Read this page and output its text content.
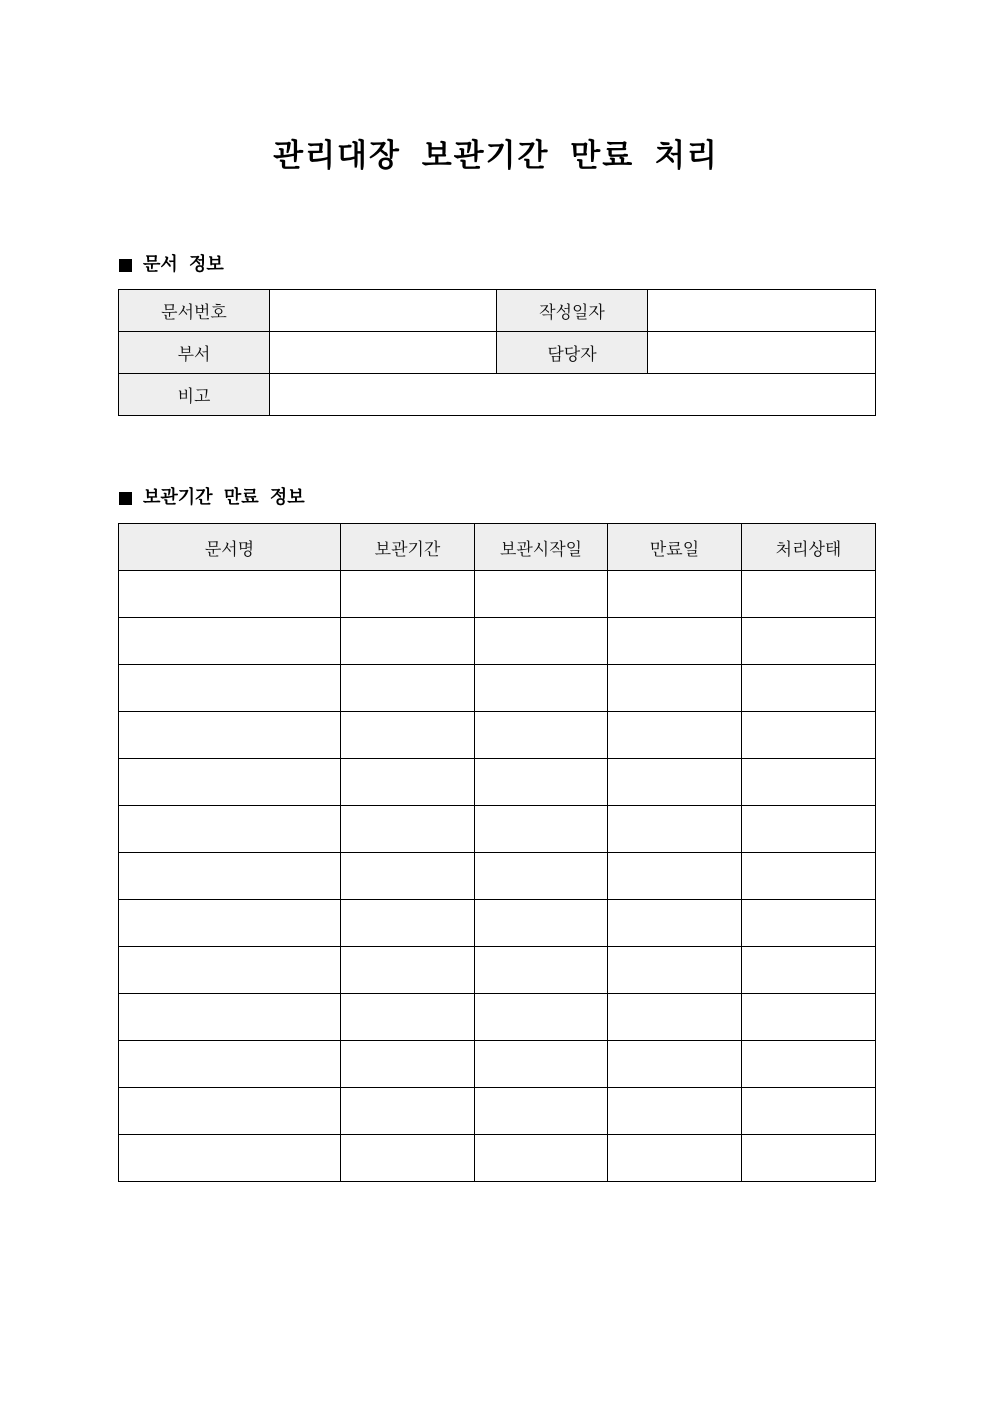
관리대장 보관기간 만료 처리
문서 정보
문서번호		작성일자	
부서		담당자	
비고			
보관기간 만료 정보
문서명	보관기간	보관시작일	만료일	처리상태
